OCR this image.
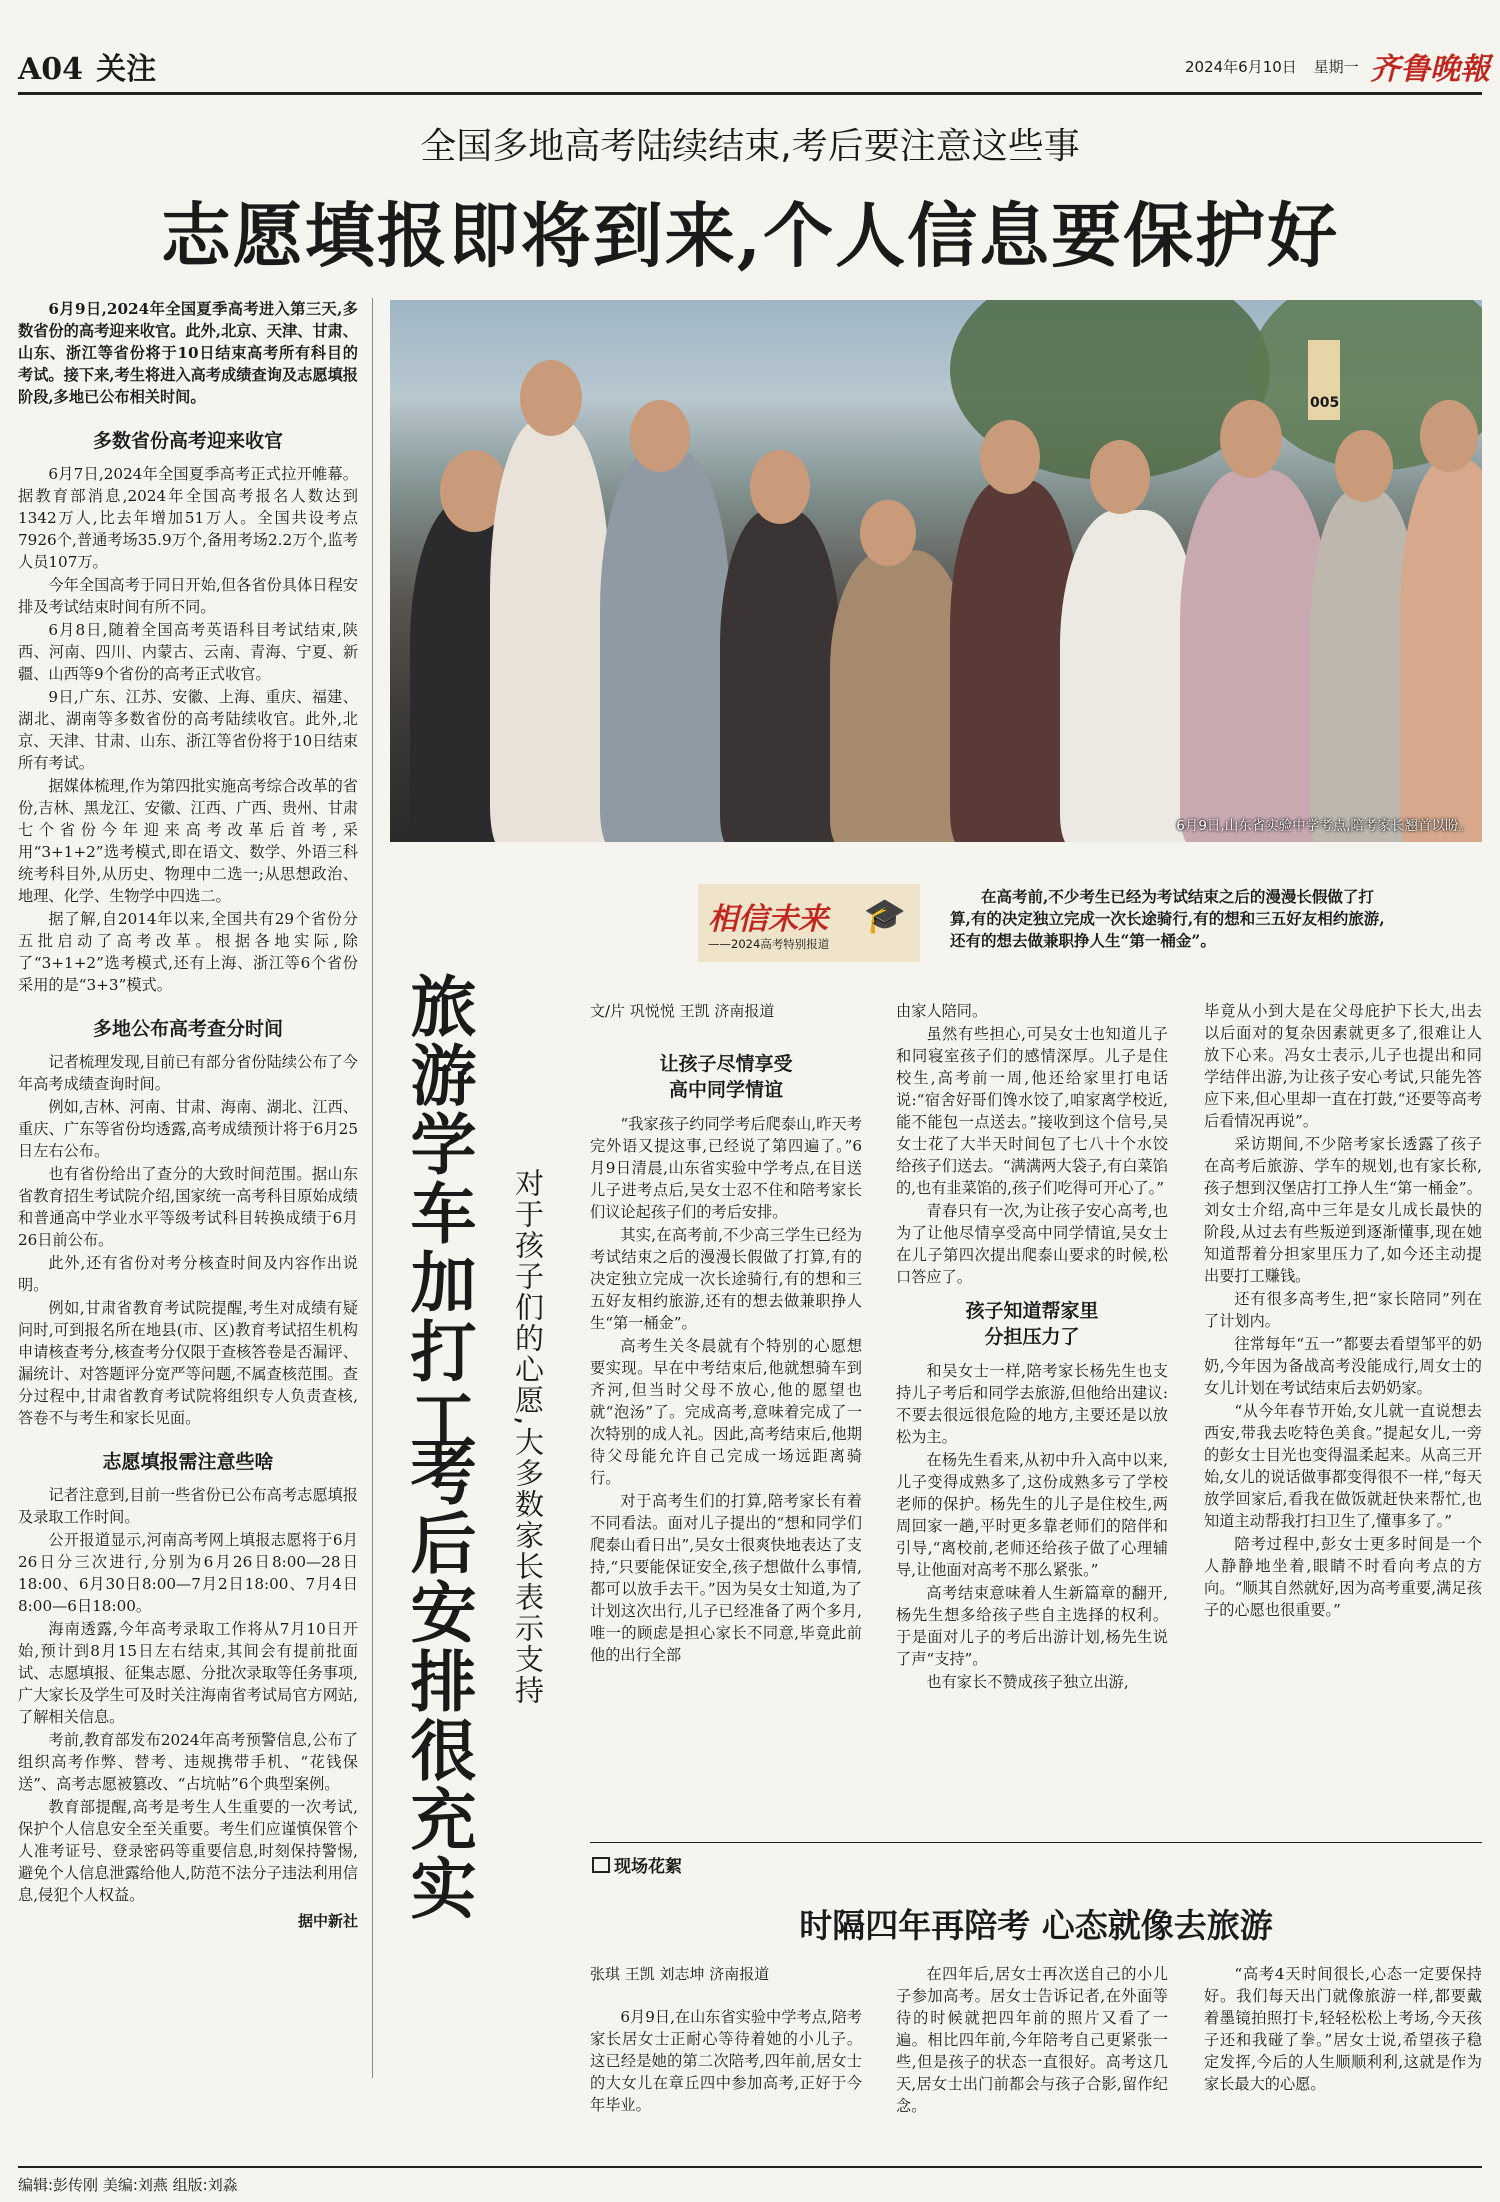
A04 关注	2024年6月10日 星期一 齐鲁晚報
全国多地高考陆续结束,考后要注意这些事
志愿填报即将到来,个人信息要保护好

6月9日,2024年全国夏季高考进入第三天,多数省份的高考迎来收官。此外,北京、天津、甘肃、山东、浙江等省份将于10日结束高考所有科目的考试。接下来,考生将进入高考成绩查询及志愿填报阶段,多地已公布相关时间。

多数省份高考迎来收官

6月7日,2024年全国夏季高考正式拉开帷幕。据教育部消息,2024年全国高考报名人数达到1342万人,比去年增加51万人。全国共设考点7926个,普通考场35.9万个,备用考场2.2万个,监考人员107万。

今年全国高考于同日开始,但各省份具体日程安排及考试结束时间有所不同。

6月8日,随着全国高考英语科目考试结束,陕西、河南、四川、内蒙古、云南、青海、宁夏、新疆、山西等9个省份的高考正式收官。

9日,广东、江苏、安徽、上海、重庆、福建、湖北、湖南等多数省份的高考陆续收官。此外,北京、天津、甘肃、山东、浙江等省份将于10日结束所有考试。

据媒体梳理,作为第四批实施高考综合改革的省份,吉林、黑龙江、安徽、江西、广西、贵州、甘肃七个省份今年迎来高考改革后首考,采用“3+1+2”选考模式,即在语文、数学、外语三科统考科目外,从历史、物理中二选一;从思想政治、地理、化学、生物学中四选二。

据了解,自2014年以来,全国共有29个省份分五批启动了高考改革。根据各地实际,除了“3+1+2”选考模式,还有上海、浙江等6个省份采用的是“3+3”模式。

多地公布高考查分时间

记者梳理发现,目前已有部分省份陆续公布了今年高考成绩查询时间。

例如,吉林、河南、甘肃、海南、湖北、江西、重庆、广东等省份均透露,高考成绩预计将于6月25日左右公布。

也有省份给出了查分的大致时间范围。据山东省教育招生考试院介绍,国家统一高考科目原始成绩和普通高中学业水平等级考试科目转换成绩于6月26日前公布。

此外,还有省份对考分核查时间及内容作出说明。

例如,甘肃省教育考试院提醒,考生对成绩有疑问时,可到报名所在地县(市、区)教育考试招生机构申请核查考分,核查考分仅限于查核答卷是否漏评、漏统计、对答题评分宽严等问题,不属查核范围。查分过程中,甘肃省教育考试院将组织专人负责查核,答卷不与考生和家长见面。

志愿填报需注意些啥

记者注意到,目前一些省份已公布高考志愿填报及录取工作时间。

公开报道显示,河南高考网上填报志愿将于6月26日分三次进行,分别为6月26日8:00—28日18:00、6月30日8:00—7月2日18:00、7月4日8:00—6日18:00。

海南透露,今年高考录取工作将从7月10日开始,预计到8月15日左右结束,其间会有提前批面试、志愿填报、征集志愿、分批次录取等任务事项,广大家长及学生可及时关注海南省考试局官方网站,了解相关信息。

考前,教育部发布2024年高考预警信息,公布了组织高考作弊、替考、违规携带手机、“花钱保送”、高考志愿被篡改、“占坑帖”6个典型案例。

教育部提醒,高考是考生人生重要的一次考试,保护个人信息安全至关重要。考生们应谨慎保管个人准考证号、登录密码等重要信息,时刻保持警惕,避免个人信息泄露给他人,防范不法分子违法利用信息,侵犯个人权益。

据中新社
005
6月9日,山东省实验中学考点,陪考家长翘首以盼。
相信未来
——2024高考特别报道
🎓	在高考前,不少考生已经为考试结束之后的漫漫长假做了打算,有的决定独立完成一次长途骑行,有的想和三五好友相约旅游,还有的想去做兼职挣人生“第一桶金”。
旅游学车加打工
考后安排很充实 对于孩子们的心愿,大多数家长表示支持
文/片 巩悦悦 王凯 济南报道
让孩子尽情享受
高中同学情谊

“我家孩子约同学考后爬泰山,昨天考完外语又提这事,已经说了第四遍了。”6月9日清晨,山东省实验中学考点,在目送儿子进考点后,吴女士忍不住和陪考家长们议论起孩子们的考后安排。

其实,在高考前,不少高三学生已经为考试结束之后的漫漫长假做了打算,有的决定独立完成一次长途骑行,有的想和三五好友相约旅游,还有的想去做兼职挣人生“第一桶金”。

高考生关冬晨就有个特别的心愿想要实现。早在中考结束后,他就想骑车到齐河,但当时父母不放心,他的愿望也就“泡汤”了。完成高考,意味着完成了一次特别的成人礼。因此,高考结束后,他期待父母能允许自己完成一场远距离骑行。

对于高考生们的打算,陪考家长有着不同看法。面对儿子提出的“想和同学们爬泰山看日出”,吴女士很爽快地表达了支持,“只要能保证安全,孩子想做什么事情,都可以放手去干。”因为吴女士知道,为了计划这次出行,儿子已经准备了两个多月,唯一的顾虑是担心家长不同意,毕竟此前他的出行全部

由家人陪同。

虽然有些担心,可吴女士也知道儿子和同寝室孩子们的感情深厚。儿子是住校生,高考前一周,他还给家里打电话说:“宿舍好哥们馋水饺了,咱家离学校近,能不能包一点送去。”接收到这个信号,吴女士花了大半天时间包了七八十个水饺给孩子们送去。“满满两大袋子,有白菜馅的,也有韭菜馅的,孩子们吃得可开心了。”

青春只有一次,为让孩子安心高考,也为了让他尽情享受高中同学情谊,吴女士在儿子第四次提出爬泰山要求的时候,松口答应了。

孩子知道帮家里
分担压力了

和吴女士一样,陪考家长杨先生也支持儿子考后和同学去旅游,但他给出建议:不要去很远很危险的地方,主要还是以放松为主。

在杨先生看来,从初中升入高中以来,儿子变得成熟多了,这份成熟多亏了学校老师的保护。杨先生的儿子是住校生,两周回家一趟,平时更多靠老师们的陪伴和引导,“离校前,老师还给孩子做了心理辅导,让他面对高考不那么紧张。”

高考结束意味着人生新篇章的翻开,杨先生想多给孩子些自主选择的权利。于是面对儿子的考后出游计划,杨先生说了声“支持”。

也有家长不赞成孩子独立出游,

毕竟从小到大是在父母庇护下长大,出去以后面对的复杂因素就更多了,很难让人放下心来。冯女士表示,儿子也提出和同学结伴出游,为让孩子安心考试,只能先答应下来,但心里却一直在打鼓,“还要等高考后看情况再说”。

采访期间,不少陪考家长透露了孩子在高考后旅游、学车的规划,也有家长称,孩子想到汉堡店打工挣人生“第一桶金”。刘女士介绍,高中三年是女儿成长最快的阶段,从过去有些叛逆到逐渐懂事,现在她知道帮着分担家里压力了,如今还主动提出要打工赚钱。

还有很多高考生,把“家长陪同”列在了计划内。

往常每年“五一”都要去看望邹平的奶奶,今年因为备战高考没能成行,周女士的女儿计划在考试结束后去奶奶家。

“从今年春节开始,女儿就一直说想去西安,带我去吃特色美食。”提起女儿,一旁的彭女士目光也变得温柔起来。从高三开始,女儿的说话做事都变得很不一样,“每天放学回家后,看我在做饭就赶快来帮忙,也知道主动帮我打扫卫生了,懂事多了。”

陪考过程中,彭女士更多时间是一个人静静地坐着,眼睛不时看向考点的方向。“顺其自然就好,因为高考重要,满足孩子的心愿也很重要。”

现场花絮
时隔四年再陪考 心态就像去旅游
张琪 王凯 刘志坤 济南报道

6月9日,在山东省实验中学考点,陪考家长居女士正耐心等待着她的小儿子。这已经是她的第二次陪考,四年前,居女士的大女儿在章丘四中参加高考,正好于今年毕业。

在四年后,居女士再次送自己的小儿子参加高考。居女士告诉记者,在外面等待的时候就把四年前的照片又看了一遍。相比四年前,今年陪考自己更紧张一些,但是孩子的状态一直很好。高考这几天,居女士出门前都会与孩子合影,留作纪念。

“高考4天时间很长,心态一定要保持好。我们每天出门就像旅游一样,都要戴着墨镜拍照打卡,轻轻松松上考场,今天孩子还和我碰了拳。”居女士说,希望孩子稳定发挥,今后的人生顺顺利利,这就是作为家长最大的心愿。

编辑:彭传刚 美编:刘燕 组版:刘淼
